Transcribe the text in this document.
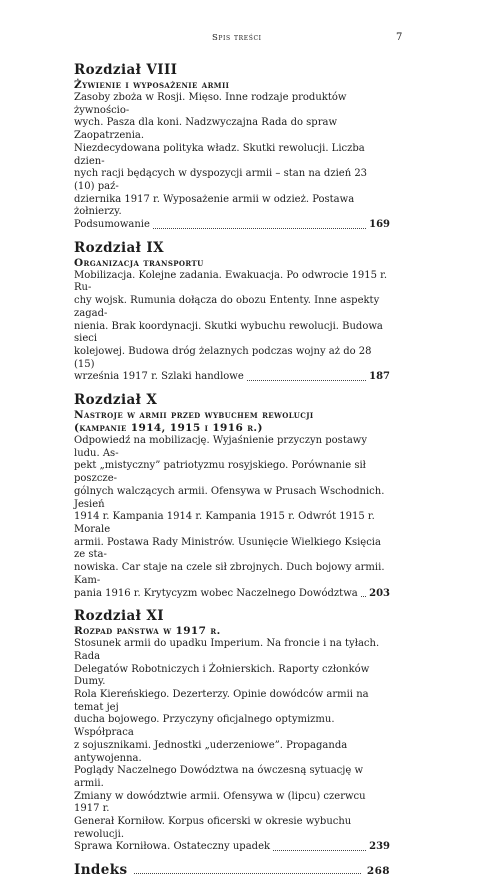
Spis treści	7
Rozdział VIII
Żywienie i wyposażenie armii
Zasoby zboża w Rosji. Mięso. Inne rodzaje produktów żywnościo-
wych. Pasza dla koni. Nadzwyczajna Rada do spraw Zaopatrzenia.
Niezdecydowana polityka władz. Skutki rewolucji. Liczba dzien-
nych racji będących w dyspozycji armii – stan na dzień 23 (10) paź-
dziernika 1917 r. Wyposażenie armii w odzież. Postawa żołnierzy.
Podsumowanie	169
Rozdział IX
Organizacja transportu
Mobilizacja. Kolejne zadania. Ewakuacja. Po odwrocie 1915 r. Ru-
chy wojsk. Rumunia dołącza do obozu Ententy. Inne aspekty zagad-
nienia. Brak koordynacji. Skutki wybuchu rewolucji. Budowa sieci
kolejowej. Budowa dróg żelaznych podczas wojny aż do 28 (15)
września 1917 r. Szlaki handlowe	187
Rozdział X
Nastroje w armii przed wybuchem rewolucji
(kampanie 1914, 1915 i 1916 r.)
Odpowiedź na mobilizację. Wyjaśnienie przyczyn postawy ludu. As-
pekt „mistyczny” patriotyzmu rosyjskiego. Porównanie sił poszcze-
gólnych walczących armii. Ofensywa w Prusach Wschodnich. Jesień
1914 r. Kampania 1914 r. Kampania 1915 r. Odwrót 1915 r. Morale
armii. Postawa Rady Ministrów. Usunięcie Wielkiego Księcia ze sta-
nowiska. Car staje na czele sił zbrojnych. Duch bojowy armii. Kam-
pania 1916 r. Krytycyzm wobec Naczelnego Dowództwa 203
Rozdział XI
Rozpad państwa w 1917 r.
Stosunek armii do upadku Imperium. Na froncie i na tyłach. Rada
Delegatów Robotniczych i Żołnierskich. Raporty członków Dumy.
Rola Kiereńskiego. Dezerterzy. Opinie dowódców armii na temat jej
ducha bojowego. Przyczyny oficjalnego optymizmu. Współpraca
z sojusznikami. Jednostki „uderzeniowe”. Propaganda antywojenna.
Poglądy Naczelnego Dowództwa na ówczesną sytuację w armii.
Zmiany w dowództwie armii. Ofensywa w (lipcu) czerwcu 1917 r.
Generał Korniłow. Korpus oficerski w okresie wybuchu rewolucji.
Sprawa Korniłowa. Ostateczny upadek	239
Indeks	268
